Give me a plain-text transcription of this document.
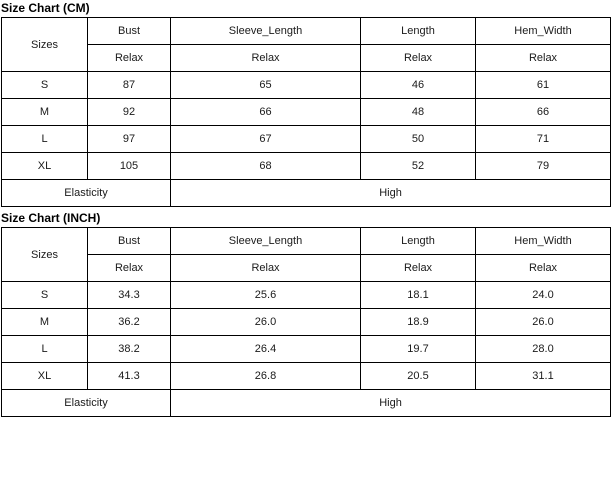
Size Chart (CM)
Sizes	Bust	Sleeve_Length	Length	Hem_Width
	Relax	Relax	Relax	Relax
S	87	65	46	61
M	92	66	48	66
L	97	67	50	71
XL	105	68	52	79
Elasticity		High		
Size Chart (INCH)
Sizes	Bust	Sleeve_Length	Length	Hem_Width
	Relax	Relax	Relax	Relax
S	34.3	25.6	18.1	24.0
M	36.2	26.0	18.9	26.0
L	38.2	26.4	19.7	28.0
XL	41.3	26.8	20.5	31.1
Elasticity		High		
